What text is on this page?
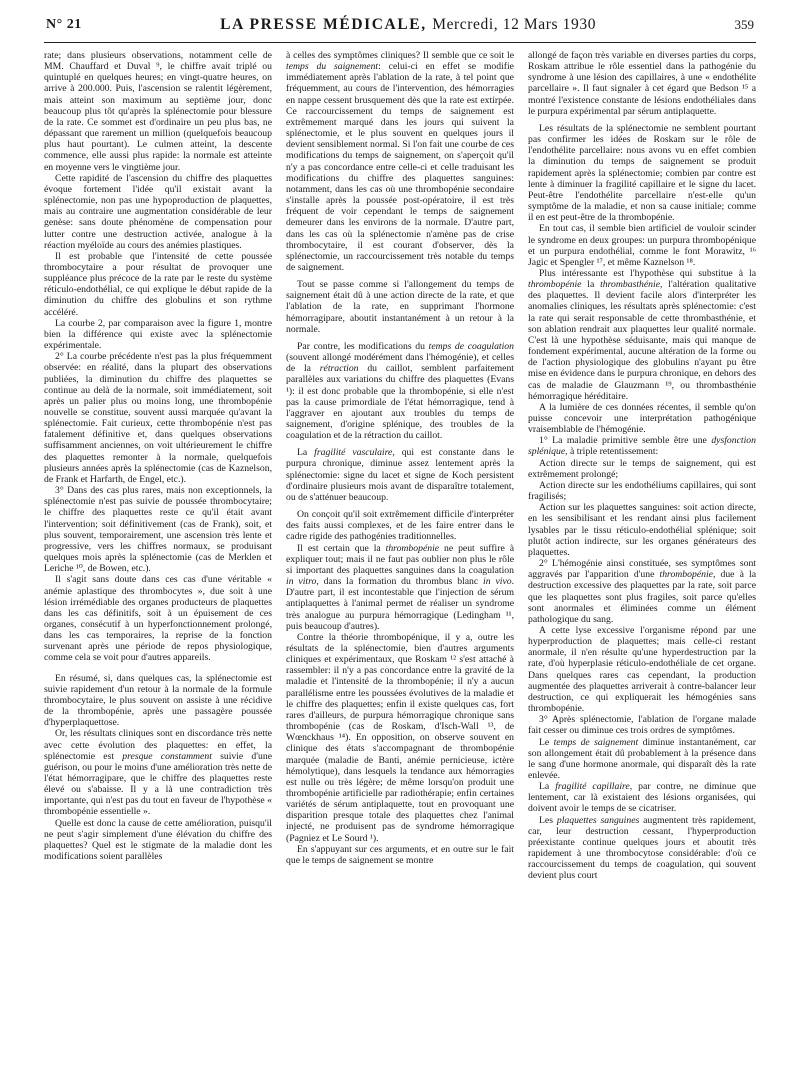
N° 21	LA PRESSE MÉDICALE, Mercredi, 12 Mars 1930	359

rate; dans plusieurs observations, notamment celle de MM. Chauffard et Duval ⁹, le chiffre avait triplé ou quintuplé en quelques heures; en vingt-quatre heures, on arrive à 200.000. Puis, l'ascension se ralentit légèrement, mais atteint son maximum au septième jour, donc beaucoup plus tôt qu'après la splénectomie pour blessure de la rate. Ce sommet est d'ordinaire un peu plus bas, ne dépassant que rarement un million (quelquefois beaucoup plus haut pourtant). Le culmen atteint, la descente commence, elle aussi plus rapide: la normale est atteinte en moyenne vers le vingtième jour.

Cette rapidité de l'ascension du chiffre des plaquettes évoque fortement l'idée qu'il existait avant la splénectomie, non pas une hypoproduction de plaquettes, mais au contraire une augmentation considérable de leur genèse: sans doute phénomène de compensation pour lutter contre une destruction activée, analogue à la réaction myéloïde au cours des anémies plastiques.

Il est probable que l'intensité de cette poussée thrombocytaire a pour résultat de provoquer une suppléance plus précoce de la rate par le reste du système réticulo-endothélial, ce qui explique le début rapide de la diminution du chiffre des globulins et son rythme accéléré.

La courbe 2, par comparaison avec la figure 1, montre bien la différence qui existe avec la splénectomie expérimentale.

2° La courbe précédente n'est pas la plus fréquemment observée: en réalité, dans la plupart des observations publiées, la diminution du chiffre des plaquettes se continue au delà de la normale, soit immédiatement, soit après un palier plus ou moins long, une thrombopénie nouvelle se constitue, souvent aussi marquée qu'avant la splénectomie. Fait curieux, cette thrombopénie n'est pas fatalement définitive et, dans quelques observations suffisamment anciennes, on voit ultérieurement le chiffre des plaquettes remonter à la normale, quelquefois plusieurs années après la splénectomie (cas de Kaznelson, de Frank et Harfarth, de Engel, etc.).

3° Dans des cas plus rares, mais non exceptionnels, la splénectomie n'est pas suivie de poussée thrombocytaire; le chiffre des plaquettes reste ce qu'il était avant l'intervention; soit définitivement (cas de Frank), soit, et plus souvent, temporairement, une ascension très lente et progressive, vers les chiffres normaux, se produisant quelques mois après la splénectomie (cas de Merklen et Leriche ¹⁰, de Bowen, etc.).

Il s'agit sans doute dans ces cas d'une véritable « anémie aplastique des thrombocytes », due soit à une lésion irrémédiable des organes producteurs de plaquettes dans les cas définitifs, soit à un épuisement de ces organes, consécutif à un hyperfonctionnement prolongé, dans les cas temporaires, la reprise de la fonction survenant après une période de repos physiologique, comme cela se voit pour d'autres appareils.

En résumé, si, dans quelques cas, la splénectomie est suivie rapidement d'un retour à la normale de la formule thrombocytaire, le plus souvent on assiste à une récidive de la thrombopénie, après une passagère poussée d'hyperplaquettose.

Or, les résultats cliniques sont en discordance très nette avec cette évolution des plaquettes: en effet, la splénectomie est presque constamment suivie d'une guérison, ou pour le moins d'une amélioration très nette de l'état hémorragipare, que le chiffre des plaquettes reste élevé ou s'abaisse. Il y a là une contradiction très importante, qui n'est pas du tout en faveur de l'hypothèse « thrombopénie essentielle ».

Quelle est donc la cause de cette amélioration, puisqu'il ne peut s'agir simplement d'une élévation du chiffre des plaquettes? Quel est le stigmate de la maladie dont les modifications soient parallèles

à celles des symptômes cliniques? Il semble que ce soit le temps du saignement: celui-ci en effet se modifie immédiatement après l'ablation de la rate, à tel point que fréquemment, au cours de l'intervention, des hémorragies en nappe cessent brusquement dès que la rate est extirpée. Ce raccourcissement du temps de saignement est extrêmement marqué dans les jours qui suivent la splénectomie, et le plus souvent en quelques jours il devient sensiblement normal. Si l'on fait une courbe de ces modifications du temps de saignement, on s'aperçoit qu'il n'y a pas concordance entre celle-ci et celle traduisant les modifications du chiffre des plaquettes sanguines: notamment, dans les cas où une thrombopénie secondaire s'installe après la poussée post-opératoire, il est très fréquent de voir cependant le temps de saignement demeurer dans les environs de la normale. D'autre part, dans les cas où la splénectomie n'amène pas de crise thrombocytaire, il est courant d'observer, dès la splénectomie, un raccourcissement très notable du temps de saignement.

Tout se passe comme si l'allongement du temps de saignement était dû à une action directe de la rate, et que l'ablation de la rate, en supprimant l'hormone hémorragipare, aboutit instantanément à un retour à la normale.

Par contre, les modifications du temps de coagulation (souvent allongé modérément dans l'hémogénie), et celles de la rétraction du caillot, semblent parfaitement parallèles aux variations du chiffre des plaquettes (Evans ¹): il est donc probable que la thrombopénie, si elle n'est pas la cause primordiale de l'état hémorragique, tend à l'aggraver en ajoutant aux troubles du temps de saignement, d'origine splénique, des troubles de la coagulation et de la rétraction du caillot.

La fragilité vasculaire, qui est constante dans le purpura chronique, diminue assez lentement après la splénectomie: signe du lacet et signe de Koch persistent d'ordinaire plusieurs mois avant de disparaître totalement, ou de s'atténuer beaucoup.

On conçoit qu'il soit extrêmement difficile d'interpréter des faits aussi complexes, et de les faire entrer dans le cadre rigide des pathogénies traditionnelles.

Il est certain que la thrombopénie ne peut suffire à expliquer tout; mais il ne faut pas oublier non plus le rôle si important des plaquettes sanguines dans la coagulation in vitro, dans la formation du thrombus blanc in vivo. D'autre part, il est incontestable que l'injection de sérum antiplaquettes à l'animal permet de réaliser un syndrome très analogue au purpura hémorragique (Ledingham ¹¹, puis beaucoup d'autres).

Contre la théorie thrombopénique, il y a, outre les résultats de la splénectomie, bien d'autres arguments cliniques et expérimentaux, que Roskam ¹² s'est attaché à rassembler: il n'y a pas concordance entre la gravité de la maladie et l'intensité de la thrombopénie; il n'y a aucun parallélisme entre les poussées évolutives de la maladie et le chiffre des plaquettes; enfin il existe quelques cas, fort rares d'ailleurs, de purpura hémorragique chronique sans thrombopénie (cas de Roskam, d'Isch-Wall ¹³, de Wœnckhaus ¹⁴). En opposition, on observe souvent en clinique des états s'accompagnant de thrombopénie marquée (maladie de Banti, anémie pernicieuse, ictère hémolytique), dans lesquels la tendance aux hémorragies est nulle ou très légère; de même lorsqu'on produit une thrombopénie artificielle par radiothérapie; enfin certaines variétés de sérum antiplaquette, tout en provoquant une disparition presque totale des plaquettes chez l'animal injecté, ne produisent pas de syndrome hémorragique (Pagniez et Le Sourd ¹).

En s'appuyant sur ces arguments, et en outre sur le fait que le temps de saignement se montre

allongé de façon très variable en diverses parties du corps, Roskam attribue le rôle essentiel dans la pathogénie du syndrome à une lésion des capillaires, à une « endothélite parcellaire ». Il faut signaler à cet égard que Bedson ¹⁵ a montré l'existence constante de lésions endothéliales dans le purpura expérimental par sérum antiplaquette.

Les résultats de la splénectomie ne semblent pourtant pas confirmer les idées de Roskam sur le rôle de l'endothélite parcellaire: nous avons vu en effet combien la diminution du temps de saignement se produit rapidement après la splénectomie; combien par contre est lente à diminuer la fragilité capillaire et le signe du lacet. Peut-être l'endothélite parcellaire n'est-elle qu'un symptôme de la maladie, et non sa cause initiale; comme il en est peut-être de la thrombopénie.

En tout cas, il semble bien artificiel de vouloir scinder le syndrome en deux groupes: un purpura thrombopénique et un purpura endothélial, comme le font Morawitz, ¹⁶ Jagic et Spengler ¹⁷, et même Kaznelson ¹⁸.

Plus intéressante est l'hypothèse qui substitue à la thrombopénie la thrombasthénie, l'altération qualitative des plaquettes. Il devient facile alors d'interpréter les anomalies cliniques, les résultats après splénectomie: c'est la rate qui serait responsable de cette thrombasthénie, et son ablation rendrait aux plaquettes leur qualité normale. C'est là une hypothèse séduisante, mais qui manque de fondement expérimental, aucune altération de la forme ou de l'action physiologique des globulins n'ayant pu être mise en évidence dans le purpura chronique, en dehors des cas de maladie de Glauzmann ¹⁹, ou thrombasthénie hémorragique héréditaire.

A la lumière de ces données récentes, il semble qu'on puisse concevoir une interprétation pathogénique vraisemblable de l'hémogénie.

1° La maladie primitive semble être une dysfonction splénique, à triple retentissement:

Action directe sur le temps de saignement, qui est extrêmement prolongé;

Action directe sur les endothéliums capillaires, qui sont fragilisés;

Action sur les plaquettes sanguines: soit action directe, en les sensibilisant et les rendant ainsi plus facilement lysables par le tissu réticulo-endothélial splénique; soit plutôt action indirecte, sur les organes générateurs des plaquettes.

2° L'hémogénie ainsi constituée, ses symptômes sont aggravés par l'apparition d'une thrombopénie, due à la destruction excessive des plaquettes par la rate, soit parce que les plaquettes sont plus fragiles, soit parce qu'elles sont anormales et éliminées comme un élément pathologique du sang.

A cette lyse excessive l'organisme répond par une hyperproduction de plaquettes; mais celle-ci restant anormale, il n'en résulte qu'une hyperdestruction par la rate, d'où hyperplasie réticulo-endothéliale de cet organe. Dans quelques rares cas cependant, la production augmentée des plaquettes arriverait à contre-balancer leur destruction, ce qui expliquerait les hémogénies sans thrombopénie.

3° Après splénectomie, l'ablation de l'organe malade fait cesser ou diminue ces trois ordres de symptômes.

Le temps de saignement diminue instantanément, car son allongement était dû probablement à la présence dans le sang d'une hormone anormale, qui disparaît dès la rate enlevée.

La fragilité capillaire, par contre, ne diminue que lentement, car là existaient des lésions organisées, qui doivent avoir le temps de se cicatriser.

Les plaquettes sanguines augmentent très rapidement, car, leur destruction cessant, l'hyperproduction préexistante continue quelques jours et aboutit très rapidement à une thrombocytose considérable: d'où ce raccourcissement du temps de coagulation, qui souvent devient plus court
